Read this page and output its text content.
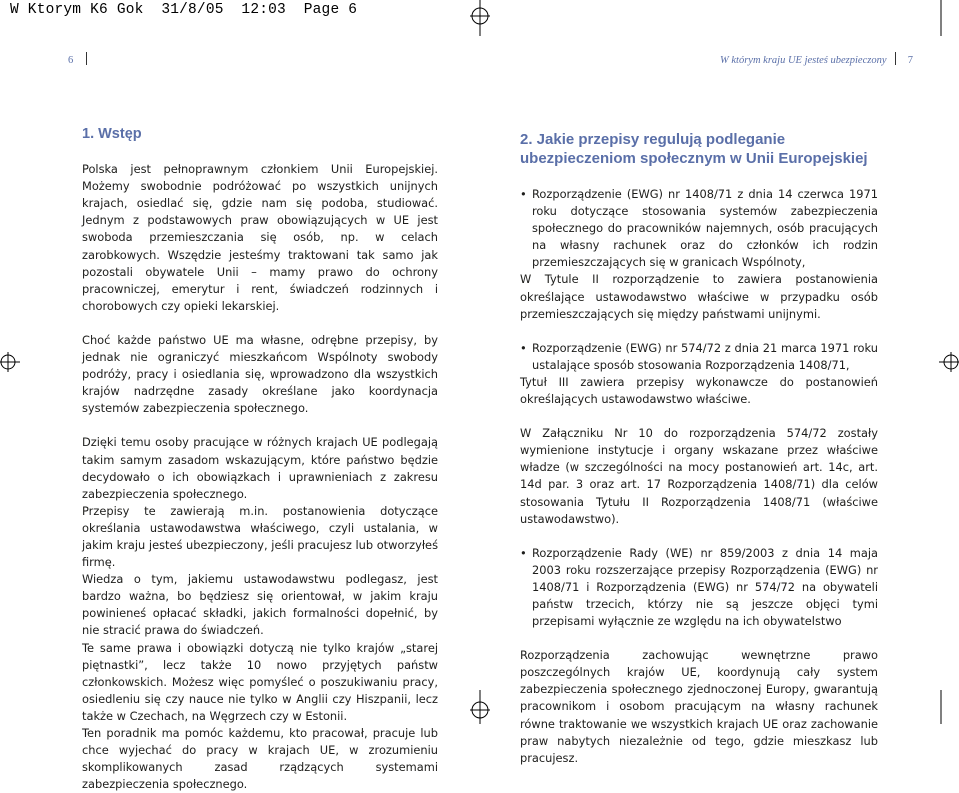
W Ktorym K6 Gok  31/8/05  12:03  Page 6
6	W którym kraju UE jesteś ubezpieczony 7
1. Wstęp

Polska jest pełnoprawnym członkiem Unii Europejskiej. Możemy swobodnie podróżować po wszystkich unijnych krajach, osiedlać się, gdzie nam się podoba, studiować. Jednym z podstawowych praw obowiązujących w UE jest swoboda przemieszczania się osób, np. w celach zarobkowych. Wszędzie jesteśmy traktowani tak samo jak pozostali obywatele Unii – mamy prawo do ochrony pracowniczej, emerytur i rent, świadczeń rodzinnych i chorobowych czy opieki lekarskiej.

Choć każde państwo UE ma własne, odrębne przepisy, by jednak nie ograniczyć mieszkańcom Wspólnoty swobody podróży, pracy i osiedlania się, wprowadzono dla wszystkich krajów nadrzędne zasady określane jako koordynacja systemów zabezpieczenia społecznego.

Dzięki temu osoby pracujące w różnych krajach UE podlegają takim samym zasadom wskazującym, które państwo będzie decydowało o ich obowiązkach i uprawnieniach z zakresu zabezpieczenia społecznego.

Przepisy te zawierają m.in. postanowienia dotyczące określania ustawodawstwa właściwego, czyli ustalania, w jakim kraju jesteś ubezpieczony, jeśli pracujesz lub otworzyłeś firmę.

Wiedza o tym, jakiemu ustawodawstwu podlegasz, jest bardzo ważna, bo będziesz się orientował, w jakim kraju powinieneś opłacać składki, jakich formalności dopełnić, by nie stracić prawa do świadczeń.

Te same prawa i obowiązki dotyczą nie tylko krajów „starej piętnastki”, lecz także 10 nowo przyjętych państw członkowskich. Możesz więc pomyśleć o poszukiwaniu pracy, osiedleniu się czy nauce nie tylko w Anglii czy Hiszpanii, lecz także w Czechach, na Węgrzech czy w Estonii.

Ten poradnik ma pomóc każdemu, kto pracował, pracuje lub chce wyjechać do pracy w krajach UE, w zrozumieniu skomplikowanych zasad rządzących systemami zabezpieczenia społecznego.

2. Jakie przepisy regulują podleganie ubezpieczeniom społecznym w Unii Europejskiej

• Rozporządzenie (EWG) nr 1408/71 z dnia 14 czerwca 1971 roku dotyczące stosowania systemów zabezpieczenia społecznego do pracowników najemnych, osób pracujących na własny rachunek oraz do członków ich rodzin przemieszczających się w granicach Wspólnoty,

W Tytule II rozporządzenie to zawiera postanowienia określające ustawodawstwo właściwe w przypadku osób przemieszczających się między państwami unijnymi.

• Rozporządzenie (EWG) nr 574/72 z dnia 21 marca 1971 roku ustalające sposób stosowania Rozporządzenia 1408/71,

Tytuł III zawiera przepisy wykonawcze do postanowień określających ustawodawstwo właściwe.

W Załączniku Nr 10 do rozporządzenia 574/72 zostały wymienione instytucje i organy wskazane przez właściwe władze (w szczególności na mocy postanowień art. 14c, art. 14d par. 3 oraz art. 17 Rozporządzenia 1408/71) dla celów stosowania Tytułu II Rozporządzenia 1408/71 (właściwe ustawodawstwo).

• Rozporządzenie Rady (WE) nr 859/2003 z dnia 14 maja 2003 roku rozszerzające przepisy Rozporządzenia (EWG) nr 1408/71 i Rozporządzenia (EWG) nr 574/72 na obywateli państw trzecich, którzy nie są jeszcze objęci tymi przepisami wyłącznie ze względu na ich obywatelstwo

Rozporządzenia zachowując wewnętrzne prawo poszczególnych krajów UE, koordynują cały system zabezpieczenia społecznego zjednoczonej Europy, gwarantują pracownikom i osobom pracującym na własny rachunek równe traktowanie we wszystkich krajach UE oraz zachowanie praw nabytych niezależnie od tego, gdzie mieszkasz lub pracujesz.
